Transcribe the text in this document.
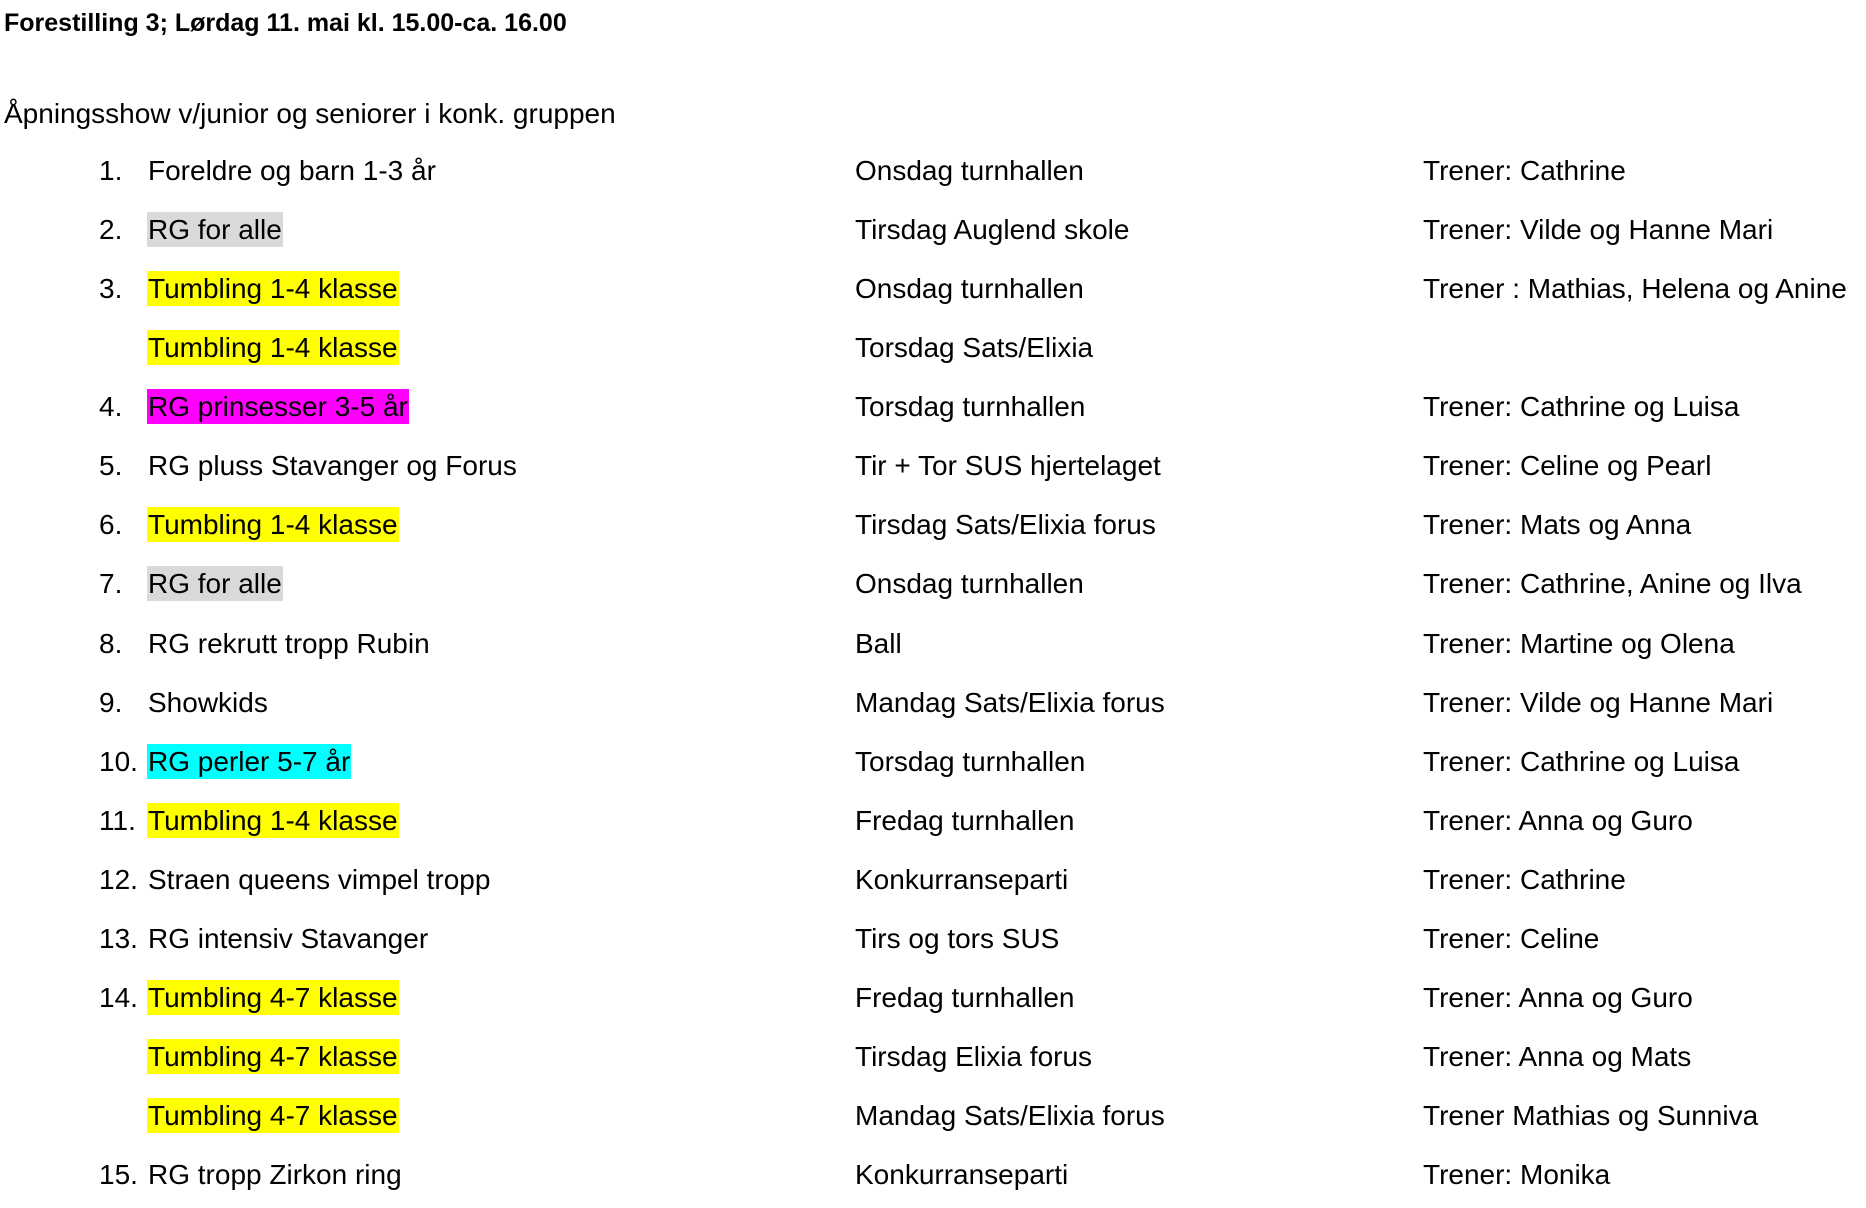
Forestilling 3; Lørdag 11. mai kl. 15.00-ca. 16.00
Åpningsshow v/junior og seniorer i konk. gruppen
1. Foreldre og barn 1-3 år	Onsdag turnhallen	Trener: Cathrine
2. RG for alle	Tirsdag Auglend skole	Trener: Vilde og Hanne Mari
3. Tumbling 1-4 klasse	Onsdag turnhallen	Trener : Mathias, Helena og Anine
Tumbling 1-4 klasse	Torsdag Sats/Elixia
4. RG prinsesser 3-5 år	Torsdag turnhallen	Trener: Cathrine og Luisa
5. RG pluss Stavanger og Forus	Tir + Tor SUS hjertelaget	Trener: Celine og Pearl
6. Tumbling 1-4 klasse	Tirsdag Sats/Elixia forus	Trener: Mats og Anna
7. RG for alle	Onsdag turnhallen	Trener: Cathrine, Anine og Ilva
8. RG rekrutt tropp Rubin	Ball	Trener: Martine og Olena
9. Showkids	Mandag Sats/Elixia forus	Trener: Vilde og Hanne Mari
10. RG perler 5-7 år	Torsdag turnhallen	Trener: Cathrine og Luisa
11. Tumbling 1-4 klasse	Fredag turnhallen	Trener: Anna og Guro
12. Straen queens vimpel tropp	Konkurranseparti	Trener: Cathrine
13. RG intensiv Stavanger	Tirs og tors SUS	Trener: Celine
14. Tumbling 4-7 klasse	Fredag turnhallen	Trener: Anna og Guro
Tumbling 4-7 klasse	Tirsdag Elixia forus	Trener: Anna og Mats
Tumbling 4-7 klasse	Mandag Sats/Elixia forus	Trener Mathias og Sunniva
15. RG tropp Zirkon ring	Konkurranseparti	Trener: Monika
